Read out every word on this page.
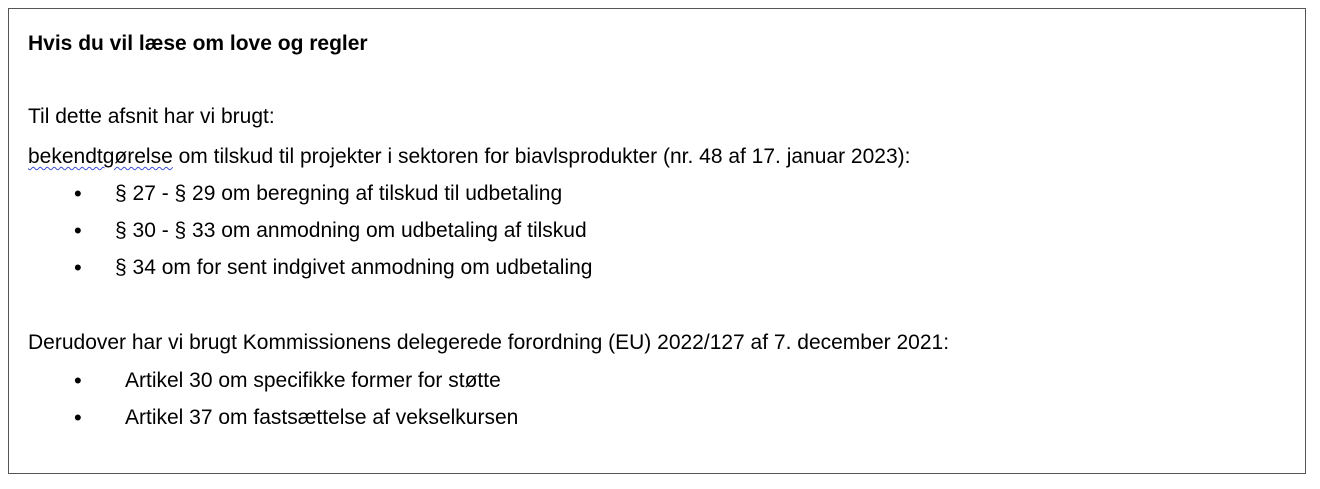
Hvis du vil læse om love og regler
Til dette afsnit har vi brugt:
bekendtgørelse om tilskud til projekter i sektoren for biavlsprodukter (nr. 48 af 17. januar 2023):
• § 27 - § 29 om beregning af tilskud til udbetaling
• § 30 - § 33 om anmodning om udbetaling af tilskud
• § 34 om for sent indgivet anmodning om udbetaling
Derudover har vi brugt Kommissionens delegerede forordning (EU) 2022/127 af 7. december 2021:
• Artikel 30 om specifikke former for støtte
• Artikel 37 om fastsættelse af vekselkursen
